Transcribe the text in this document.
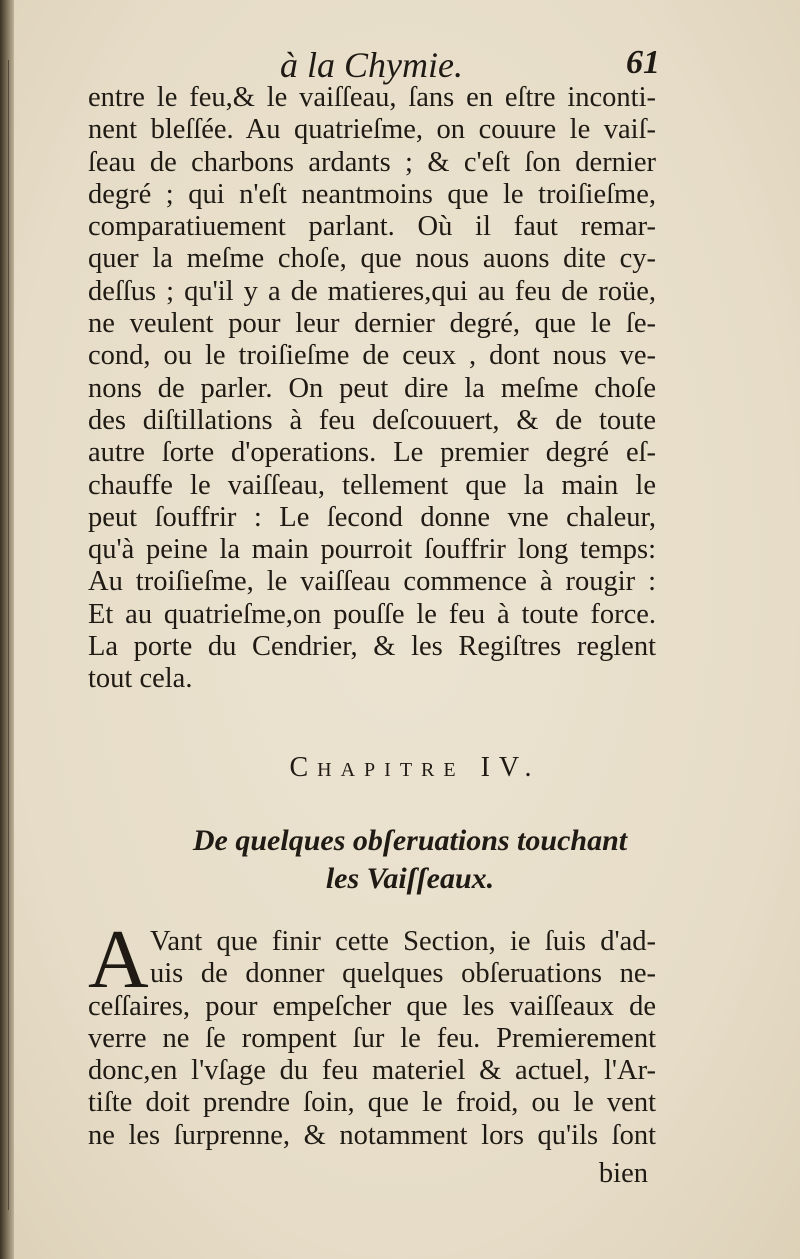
à la Chymie.	61
entre le feu,& le vaiſſeau, ſans en eſtre inconti-
nent bleſſée. Au quatrieſme, on couure le vaiſ-
ſeau de charbons ardants ; & c'eſt ſon dernier
degré ; qui n'eſt neantmoins que le troiſieſme,
comparatiuement parlant. Où il faut remar-
quer la meſme choſe, que nous auons dite cy-
deſſus ; qu'il y a de matieres,qui au feu de roüe,
ne veulent pour leur dernier degré, que le ſe-
cond, ou le troiſieſme de ceux , dont nous ve-
nons de parler. On peut dire la meſme choſe
des diſtillations à feu deſcouuert, & de toute
autre ſorte d'operations. Le premier degré eſ-
chauffe le vaiſſeau, tellement que la main le
peut ſouffrir : Le ſecond donne vne chaleur,
qu'à peine la main pourroit ſouffrir long temps:
Au troiſieſme, le vaiſſeau commence à rougir :
Et au quatrieſme,on pouſſe le feu à toute force.
La porte du Cendrier, & les Regiſtres reglent
tout cela.
Chapitre IV.
De quelques obſeruations touchant
les Vaiſſeaux.
A Vant que finir cette Section, ie ſuis d'ad-
uis de donner quelques obſeruations ne-
ceſſaires, pour empeſcher que les vaiſſeaux de
verre ne ſe rompent ſur le feu. Premierement
donc,en l'vſage du feu materiel & actuel, l'Ar-
tiſte doit prendre ſoin, que le froid, ou le vent
ne les ſurprenne, & notamment lors qu'ils ſont
bien
